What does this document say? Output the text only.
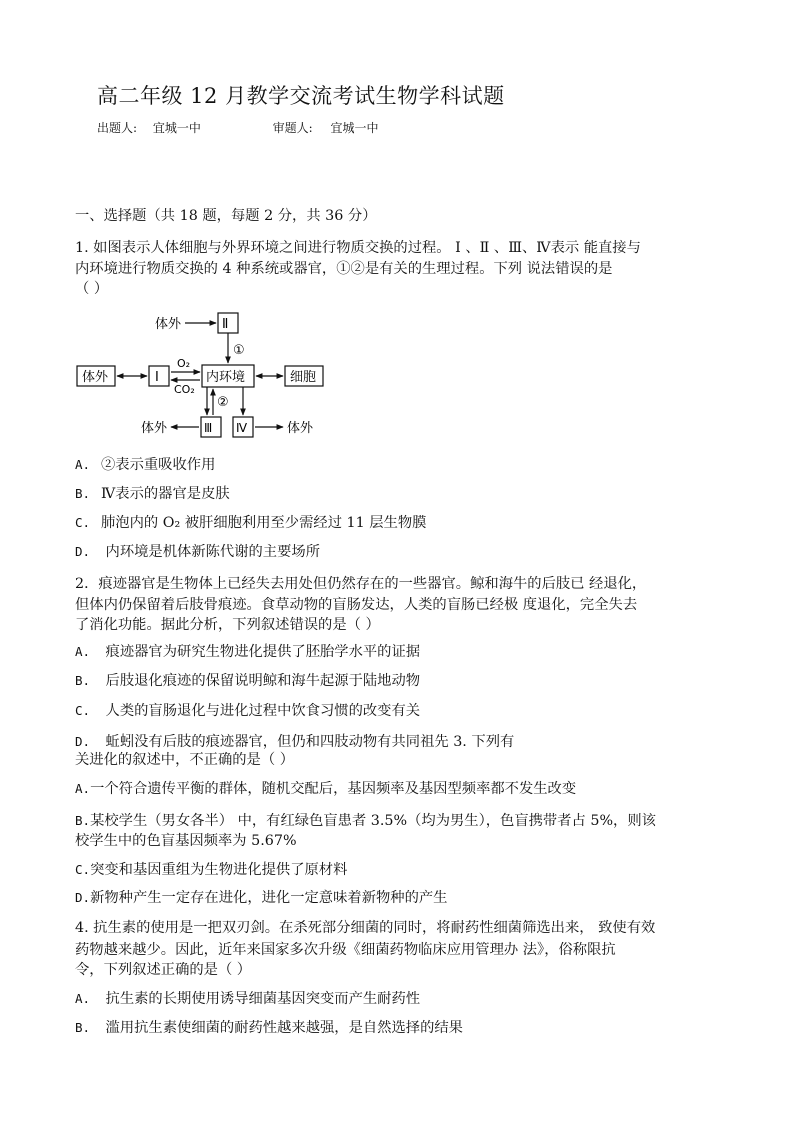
高二年级 12 月教学交流考试生物学科试题
出题人: 宜城一中	审题人: 宜城一中
一、选择题（共 18 题，每题 2 分，共 36 分）
1. 如图表示人体细胞与外界环境之间进行物质交换的过程。 Ⅰ 、Ⅱ 、Ⅲ、Ⅳ表示 能直接与
内环境进行物质交换的 4 种系统或器官，①②是有关的生理过程。下列 说法错误的是
（ ）
体外	Ⅱ
①
体外	Ⅰ
O₂
CO₂
内环境	细胞
②
Ⅲ
体外	Ⅳ	体外
A. ②表示重吸收作用
B. Ⅳ表示的器官是皮肤
C. 肺泡内的 O₂ 被肝细胞利用至少需经过 11 层生物膜
D. 内环境是机体新陈代谢的主要场所
2．痕迹器官是生物体上已经失去用处但仍然存在的一些器官。鲸和海牛的后肢已 经退化，
但体内仍保留着后肢骨痕迹。食草动物的盲肠发达，人类的盲肠已经极 度退化，完全失去
了消化功能。据此分析，下列叙述错误的是（ ）
A. 痕迹器官为研究生物进化提供了胚胎学水平的证据
B. 后肢退化痕迹的保留说明鲸和海牛起源于陆地动物
C. 人类的盲肠退化与进化过程中饮食习惯的改变有关
D. 蚯蚓没有后肢的痕迹器官，但仍和四肢动物有共同祖先 3. 下列有
关进化的叙述中，不正确的是（ ）
A.一个符合遗传平衡的群体，随机交配后，基因频率及基因型频率都不发生改变
B.某校学生（男女各半） 中，有红绿色盲患者 3.5%（均为男生），色盲携带者占 5%，则该
校学生中的色盲基因频率为 5.67%
C.突变和基因重组为生物进化提供了原材料
D.新物种产生一定存在进化，进化一定意味着新物种的产生
4. 抗生素的使用是一把双刃剑。在杀死部分细菌的同时，将耐药性细菌筛选出来， 致使有效
药物越来越少。因此，近年来国家多次升级《细菌药物临床应用管理办 法》，俗称限抗
令，下列叙述正确的是（ ）
A. 抗生素的长期使用诱导细菌基因突变而产生耐药性
B. 滥用抗生素使细菌的耐药性越来越强，是自然选择的结果
